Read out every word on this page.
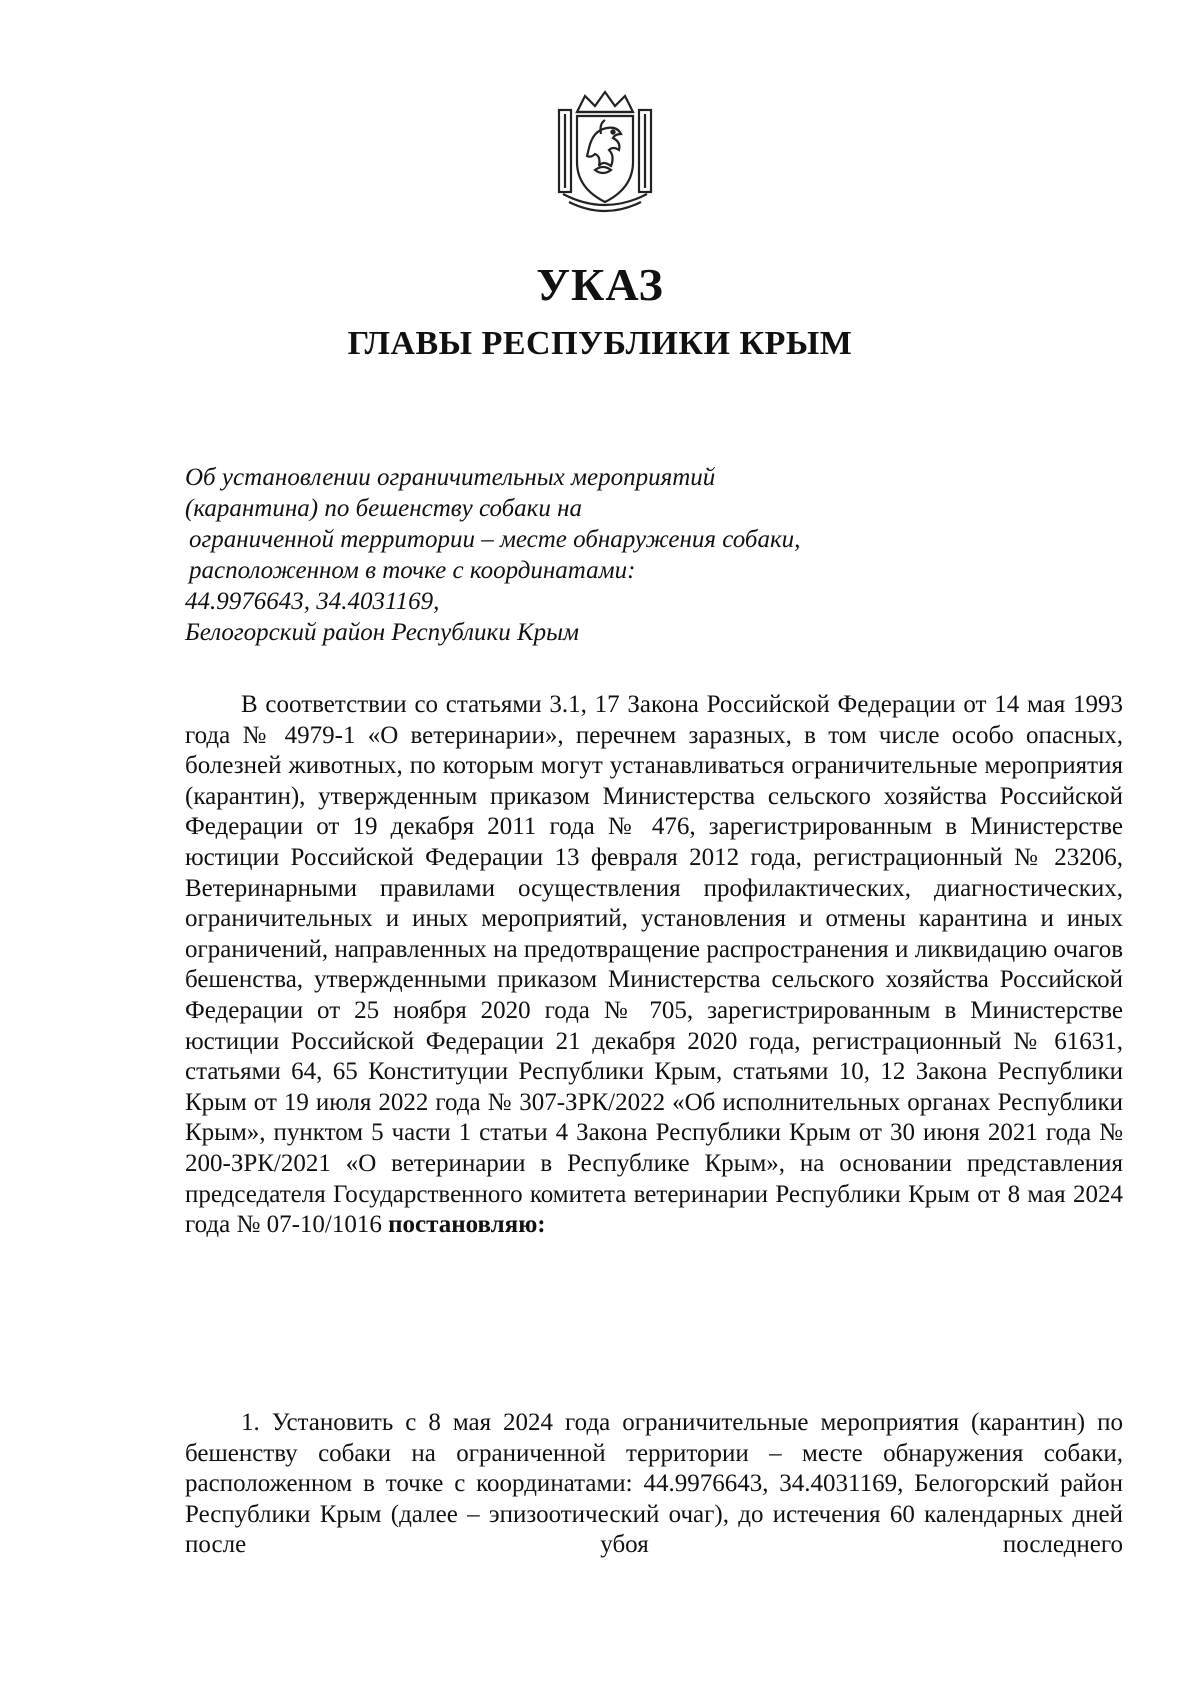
УКАЗ
ГЛАВЫ РЕСПУБЛИКИ КРЫМ
Об установлении ограничительных мероприятий
(карантина) по бешенству собаки на
ограниченной территории – месте обнаружения собаки,
расположенном в точке с координатами:
44.9976643, 34.4031169,
Белогорский район Республики Крым

В соответствии со статьями 3.1, 17 Закона Российской Федерации от 14 мая 1993 года № 4979-1 «О ветеринарии», перечнем заразных, в том числе особо опасных, болезней животных, по которым могут устанавливаться ограничительные мероприятия (карантин), утвержденным приказом Министерства сельского хозяйства Российской Федерации от 19 декабря 2011 года № 476, зарегистрированным в Министерстве юстиции Российской Федерации 13 февраля 2012 года, регистрационный № 23206, Ветеринарными правилами осуществления профилактических, диагностических, ограничительных и иных мероприятий, установления и отмены карантина и иных ограничений, направленных на предотвращение распространения и ликвидацию очагов бешенства, утвержденными приказом Министерства сельского хозяйства Российской Федерации от 25 ноября 2020 года № 705, зарегистрированным в Министерстве юстиции Российской Федерации 21 декабря 2020 года, регистрационный № 61631, статьями 64, 65 Конституции Республики Крым, статьями 10, 12 Закона Республики Крым от 19 июля 2022 года № 307-ЗРК/2022 «Об исполнительных органах Республики Крым», пунктом 5 части 1 статьи 4 Закона Республики Крым от 30 июня 2021 года № 200-ЗРК/2021 «О ветеринарии в Республике Крым», на основании представления председателя Государственного комитета ветеринарии Республики Крым от 8 мая 2024 года № 07-10/1016 постановляю:

1. Установить с 8 мая 2024 года ограничительные мероприятия (карантин) по бешенству собаки на ограниченной территории – месте обнаружения собаки, расположенном в точке с координатами: 44.9976643, 34.4031169, Белогорский район Республики Крым (далее – эпизоотический очаг), до истечения 60 календарных дней после убоя последнего
